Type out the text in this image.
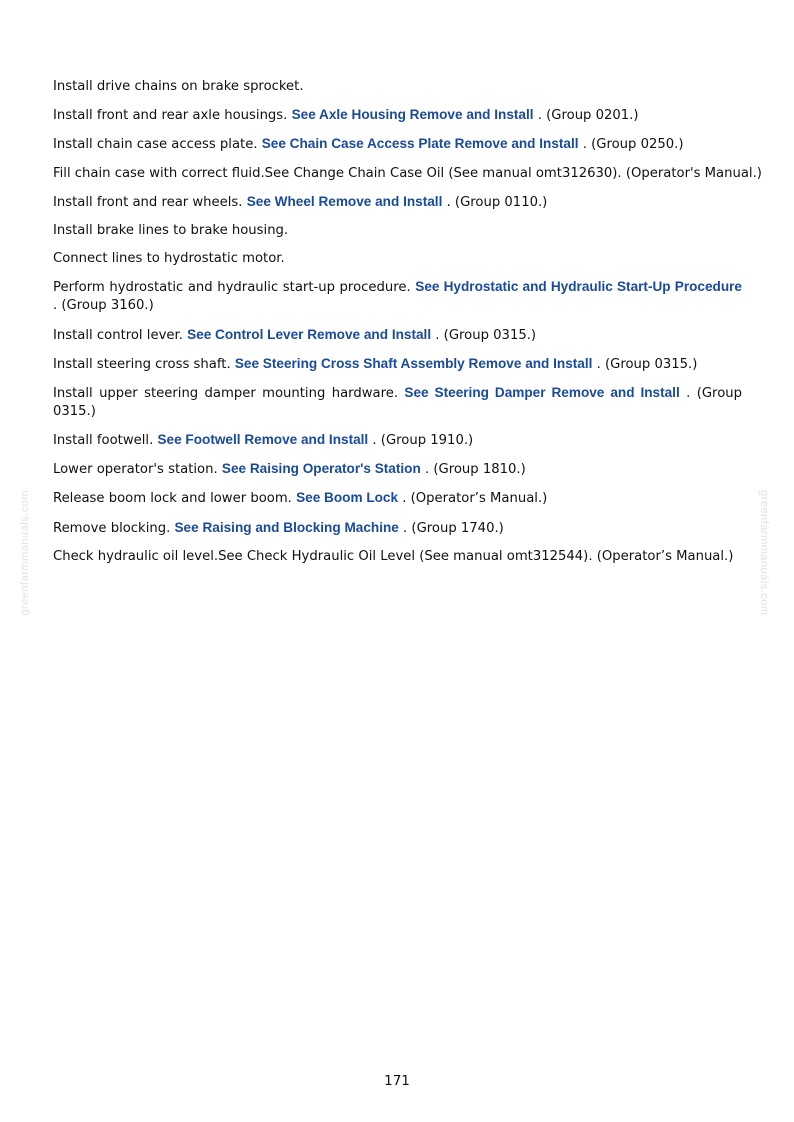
greenfarmmanuals.com	greenfarmmanuals.com

Install drive chains on brake sprocket.

Install front and rear axle housings. See Axle Housing Remove and Install . (Group 0201.)

Install chain case access plate. See Chain Case Access Plate Remove and Install . (Group 0250.)

Fill chain case with correct fluid.See Change Chain Case Oil (See manual omt312630). (Operator's Manual.)

Install front and rear wheels. See Wheel Remove and Install . (Group 0110.)

Install brake lines to brake housing.

Connect lines to hydrostatic motor.

Perform hydrostatic and hydraulic start-up procedure. See Hydrostatic and Hydraulic Start-Up Procedure . (Group 3160.)

Install control lever. See Control Lever Remove and Install . (Group 0315.)

Install steering cross shaft. See Steering Cross Shaft Assembly Remove and Install . (Group 0315.)

Install upper steering damper mounting hardware. See Steering Damper Remove and Install . (Group 0315.)

Install footwell. See Footwell Remove and Install . (Group 1910.)

Lower operator's station. See Raising Operator's Station . (Group 1810.)

Release boom lock and lower boom. See Boom Lock . (Operator’s Manual.)

Remove blocking. See Raising and Blocking Machine . (Group 1740.)

Check hydraulic oil level.See Check Hydraulic Oil Level (See manual omt312544). (Operator’s Manual.)

171
